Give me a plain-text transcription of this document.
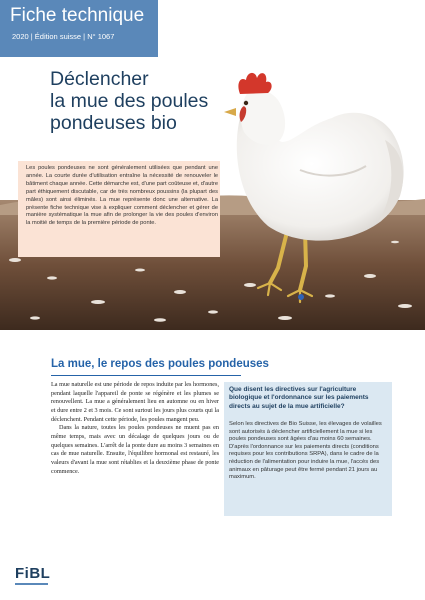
Fiche technique
2020 | Édition suisse | N° 1067
Déclencher
la mue des poules
pondeuses bio
Les poules pondeuses ne sont généralement utilisées que pendant une année. La courte durée d'utilisation entraîne la nécessité de renouveler le bâtiment chaque année. Cette démarche est, d'une part coûteuse et, d'autre part éthiquement discutable, car de très nombreux poussins (la plupart des mâles) sont ainsi éliminés. La mue représente donc une alternative. La présente fiche technique vise à expliquer comment déclencher et gérer de manière systématique la mue afin de prolonger la vie des poules d'environ la moitié de temps de la première période de ponte.
La mue, le repos des poules pondeuses

La mue naturelle est une période de repos induite par les hormones, pendant laquelle l'appareil de ponte se régénère et les plumes se renouvellent. La mue a généralement lieu en automne ou en hiver et dure entre 2 et 3 mois. Ce sont surtout les jours plus courts qui la déclenchent. Pendant cette période, les poules mangent peu.

Dans la nature, toutes les poules pondeuses ne muent pas en même temps, mais avec un décalage de quelques jours ou de quelques semaines. L'arrêt de la ponte dure au moins 3 semaines en cas de mue naturelle. Ensuite, l'équilibre hormonal est restauré, les valeurs d'avant la mue sont rétablies et la deuxième phase de ponte commence.

Que disent les directives sur l'agriculture biologique et l'ordonnance sur les paiements directs au sujet de la mue artificielle?

Selon les directives de Bio Suisse, les élevages de volailles sont autorisés à déclencher artificiellement la mue si les poules pondeuses sont âgées d'au moins 60 semaines.

D'après l'ordonnance sur les paiements directs (conditions requises pour les contributions SRPA), dans le cadre de la réduction de l'alimentation pour induire la mue, l'accès des animaux en pâturage peut être fermé pendant 21 jours au maximum.

FiBL
